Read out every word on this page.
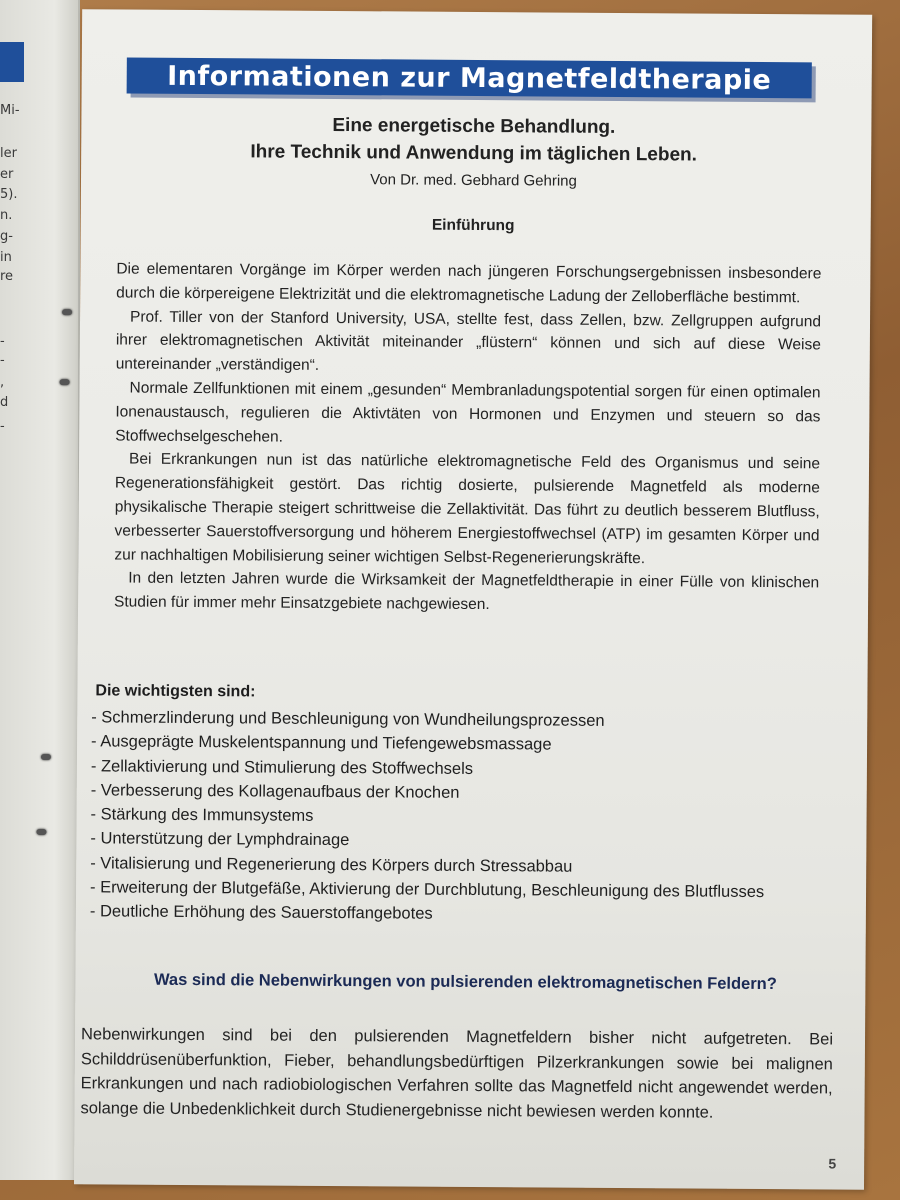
Mi-
ler
er
5).
n.
g-
in
re
-
-
,
d
-
Informationen zur Magnetfeldtherapie
Eine energetische Behandlung.
Ihre Technik und Anwendung im täglichen Leben.
Von Dr. med. Gebhard Gehring
Einführung

Die elementaren Vorgänge im Körper werden nach jüngeren Forschungsergebnissen insbesondere durch die körpereigene Elektrizität und die elektromagnetische Ladung der Zelloberfläche bestimmt.

Prof. Tiller von der Stanford University, USA, stellte fest, dass Zellen, bzw. Zellgruppen aufgrund ihrer elektromagnetischen Aktivität miteinander „flüstern“ können und sich auf diese Weise untereinander „verständigen“.

Normale Zellfunktionen mit einem „gesunden“ Membranladungspotential sorgen für einen optimalen Ionenaustausch, regulieren die Aktivtäten von Hormonen und Enzymen und steuern so das Stoffwechselgeschehen.

Bei Erkrankungen nun ist das natürliche elektromagnetische Feld des Organismus und seine Regenerationsfähigkeit gestört. Das richtig dosierte, pulsierende Magnetfeld als moderne physikalische Therapie steigert schrittweise die Zellaktivität. Das führt zu deutlich besserem Blutfluss, verbesserter Sauerstoffversorgung und höherem Energiestoffwechsel (ATP) im gesamten Körper und zur nachhaltigen Mobilisierung seiner wichtigen Selbst-Regenerierungskräfte.

In den letzten Jahren wurde die Wirksamkeit der Magnetfeldtherapie in einer Fülle von klinischen Studien für immer mehr Einsatzgebiete nachgewiesen.

Die wichtigsten sind:
- Schmerzlinderung und Beschleunigung von Wundheilungsprozessen
- Ausgeprägte Muskelentspannung und Tiefengewebsmassage
- Zellaktivierung und Stimulierung des Stoffwechsels
- Verbesserung des Kollagenaufbaus der Knochen
- Stärkung des Immunsystems
- Unterstützung der Lymphdrainage
- Vitalisierung und Regenerierung des Körpers durch Stressabbau
- Erweiterung der Blutgefäße, Aktivierung der Durchblutung, Beschleunigung des Blutflusses
- Deutliche Erhöhung des Sauerstoffangebotes
Was sind die Nebenwirkungen von pulsierenden elektromagnetischen Feldern?

Nebenwirkungen sind bei den pulsierenden Magnetfeldern bisher nicht aufgetreten. Bei Schilddrüsenüberfunktion, Fieber, behandlungsbedürftigen Pilzerkrankungen sowie bei malignen Erkrankungen und nach radiobiologischen Verfahren sollte das Magnetfeld nicht angewendet werden, solange die Unbedenklichkeit durch Studienergebnisse nicht bewiesen werden konnte.

5
